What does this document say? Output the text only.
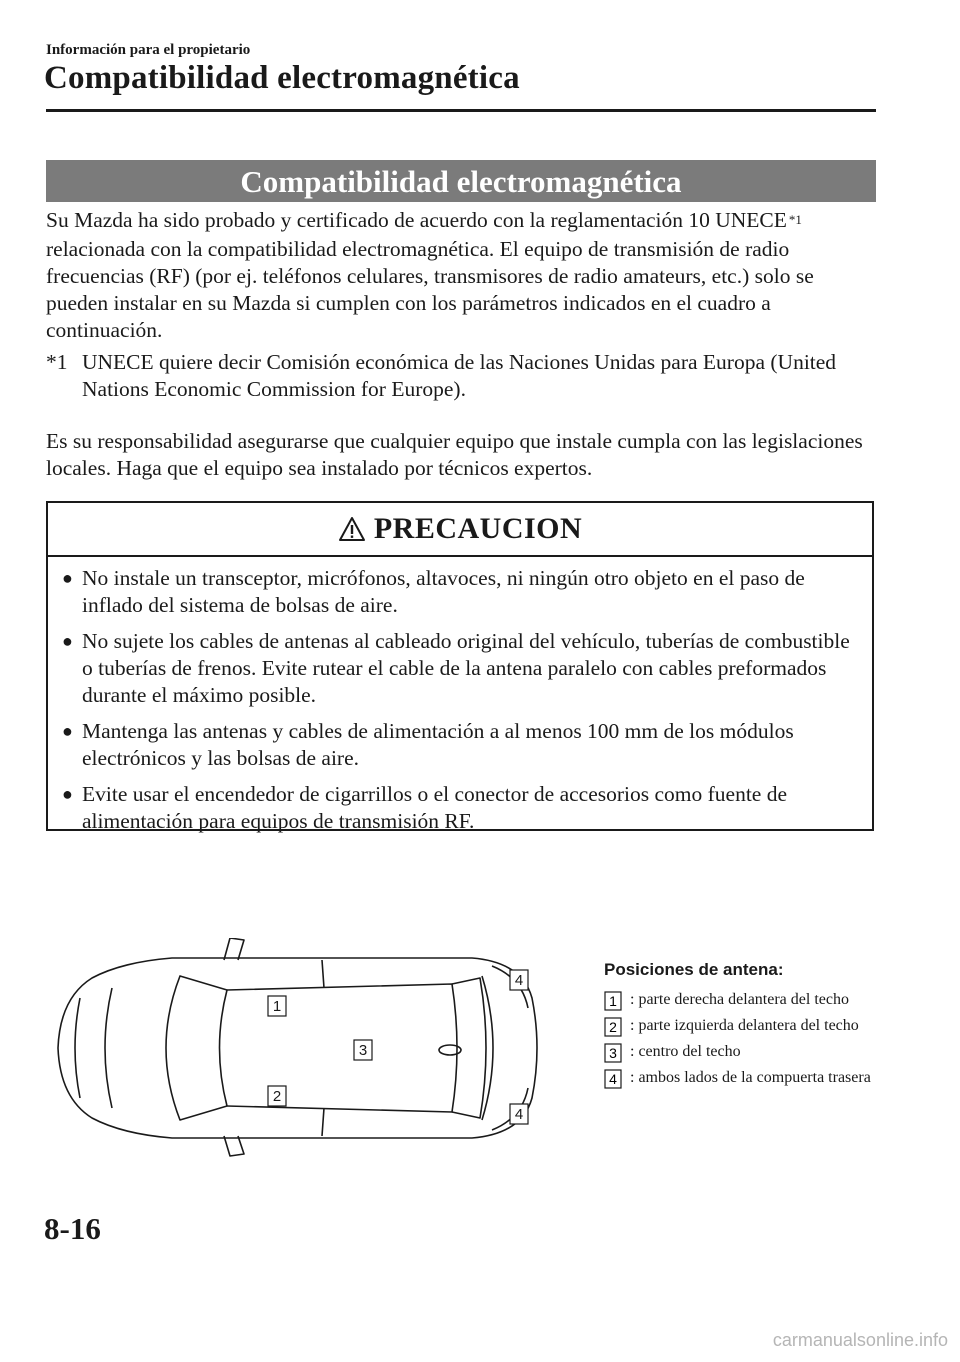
Información para el propietario
Compatibilidad electromagnética
Compatibilidad electromagnética
Su Mazda ha sido probado y certificado de acuerdo con la reglamentación 10 UNECE $^{*1}$ relacionada con la compatibilidad electromagnética. El equipo de transmisión de radio frecuencias (RF) (por ej. teléfonos celulares, transmisores de radio amateurs, etc.) solo se pueden instalar en su Mazda si cumplen con los parámetros indicados en el cuadro a continuación.
*1 UNECE quiere decir Comisión económica de las Naciones Unidas para Europa (United Nations Economic Commission for Europe).
Es su responsabilidad asegurarse que cualquier equipo que instale cumpla con las legislaciones locales. Haga que el equipo sea instalado por técnicos expertos.
PRECAUCION
● No instale un transceptor, micrófonos, altavoces, ni ningún otro objeto en el paso de inflado del sistema de bolsas de aire.
● No sujete los cables de antenas al cableado original del vehículo, tuberías de combustible o tuberías de frenos. Evite rutear el cable de la antena paralelo con cables preformados durante el máximo posible.
● Mantenga las antenas y cables de alimentación a al menos 100 mm de los módulos electrónicos y las bolsas de aire.
● Evite usar el encendedor de cigarrillos o el conector de accesorios como fuente de alimentación para equipos de transmisión RF.
1
2
3
4
4
Posiciones de antena:
1 : parte derecha delantera del techo
2 : parte izquierda delantera del techo
3 : centro del techo
4 : ambos lados de la compuerta trasera
8-16
carmanualsonline.info
